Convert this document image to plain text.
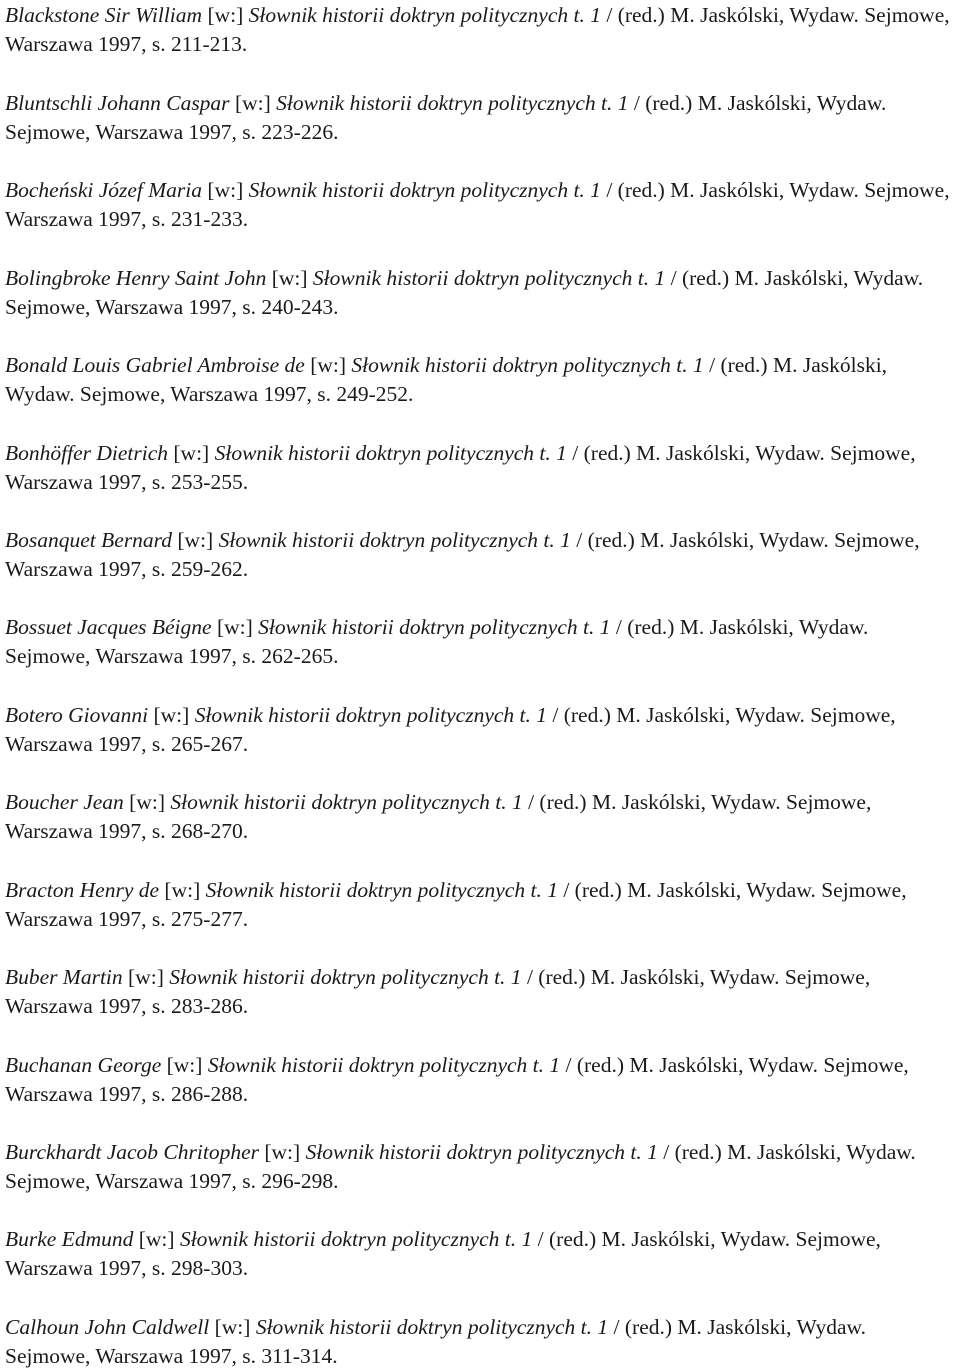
Blackstone Sir William [w:] Słownik historii doktryn politycznych t. 1 / (red.) M. Jaskólski, Wydaw. Sejmowe, Warszawa 1997, s. 211-213.

Bluntschli Johann Caspar [w:] Słownik historii doktryn politycznych t. 1 / (red.) M. Jaskólski, Wydaw. Sejmowe, Warszawa 1997, s. 223-226.

Bocheński Józef Maria [w:] Słownik historii doktryn politycznych t. 1 / (red.) M. Jaskólski, Wydaw. Sejmowe, Warszawa 1997, s. 231-233.

Bolingbroke Henry Saint John [w:] Słownik historii doktryn politycznych t. 1 / (red.) M. Jaskólski, Wydaw. Sejmowe, Warszawa 1997, s. 240-243.

Bonald Louis Gabriel Ambroise de [w:] Słownik historii doktryn politycznych t. 1 / (red.) M. Jaskólski, Wydaw. Sejmowe, Warszawa 1997, s. 249-252.

Bonhöffer Dietrich [w:] Słownik historii doktryn politycznych t. 1 / (red.) M. Jaskólski, Wydaw. Sejmowe, Warszawa 1997, s. 253-255.

Bosanquet Bernard [w:] Słownik historii doktryn politycznych t. 1 / (red.) M. Jaskólski, Wydaw. Sejmowe, Warszawa 1997, s. 259-262.

Bossuet Jacques Béigne [w:] Słownik historii doktryn politycznych t. 1 / (red.) M. Jaskólski, Wydaw. Sejmowe, Warszawa 1997, s. 262-265.

Botero Giovanni [w:] Słownik historii doktryn politycznych t. 1 / (red.) M. Jaskólski, Wydaw. Sejmowe, Warszawa 1997, s. 265-267.

Boucher Jean [w:] Słownik historii doktryn politycznych t. 1 / (red.) M. Jaskólski, Wydaw. Sejmowe, Warszawa 1997, s. 268-270.

Bracton Henry de [w:] Słownik historii doktryn politycznych t. 1 / (red.) M. Jaskólski, Wydaw. Sejmowe, Warszawa 1997, s. 275-277.

Buber Martin [w:] Słownik historii doktryn politycznych t. 1 / (red.) M. Jaskólski, Wydaw. Sejmowe, Warszawa 1997, s. 283-286.

Buchanan George [w:] Słownik historii doktryn politycznych t. 1 / (red.) M. Jaskólski, Wydaw. Sejmowe, Warszawa 1997, s. 286-288.

Burckhardt Jacob Chritopher [w:] Słownik historii doktryn politycznych t. 1 / (red.) M. Jaskólski, Wydaw. Sejmowe, Warszawa 1997, s. 296-298.

Burke Edmund [w:] Słownik historii doktryn politycznych t. 1 / (red.) M. Jaskólski, Wydaw. Sejmowe, Warszawa 1997, s. 298-303.

Calhoun John Caldwell [w:] Słownik historii doktryn politycznych t. 1 / (red.) M. Jaskólski, Wydaw. Sejmowe, Warszawa 1997, s. 311-314.
